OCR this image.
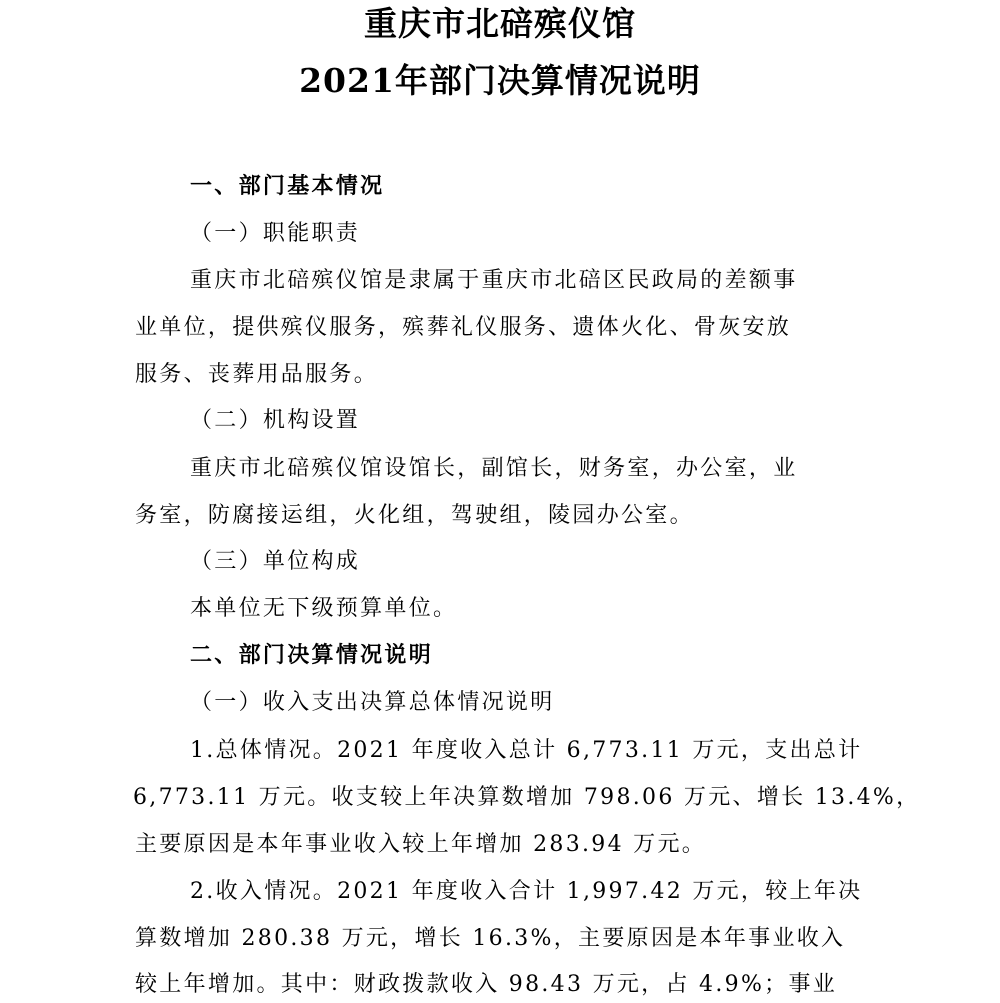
重庆市北碚殡仪馆
2021年部门决算情况说明
一、部门基本情况
（一）职能职责
重庆市北碚殡仪馆是隶属于重庆市北碚区民政局的差额事
业单位，提供殡仪服务，殡葬礼仪服务、遗体火化、骨灰安放
服务、丧葬用品服务。
（二）机构设置
重庆市北碚殡仪馆设馆长，副馆长，财务室，办公室，业
务室，防腐接运组，火化组，驾驶组，陵园办公室。
（三）单位构成
本单位无下级预算单位。
二、部门决算情况说明
（一）收入支出决算总体情况说明
1.总体情况。2021 年度收入总计 6,773.11 万元，支出总计
6,773.11 万元。收支较上年决算数增加 798.06 万元、增长 13.4%，
主要原因是本年事业收入较上年增加 283.94 万元。
2.收入情况。2021 年度收入合计 1,997.42 万元，较上年决
算数增加 280.38 万元，增长 16.3%，主要原因是本年事业收入
较上年增加。其中：财政拨款收入 98.43 万元，占 4.9%；事业
